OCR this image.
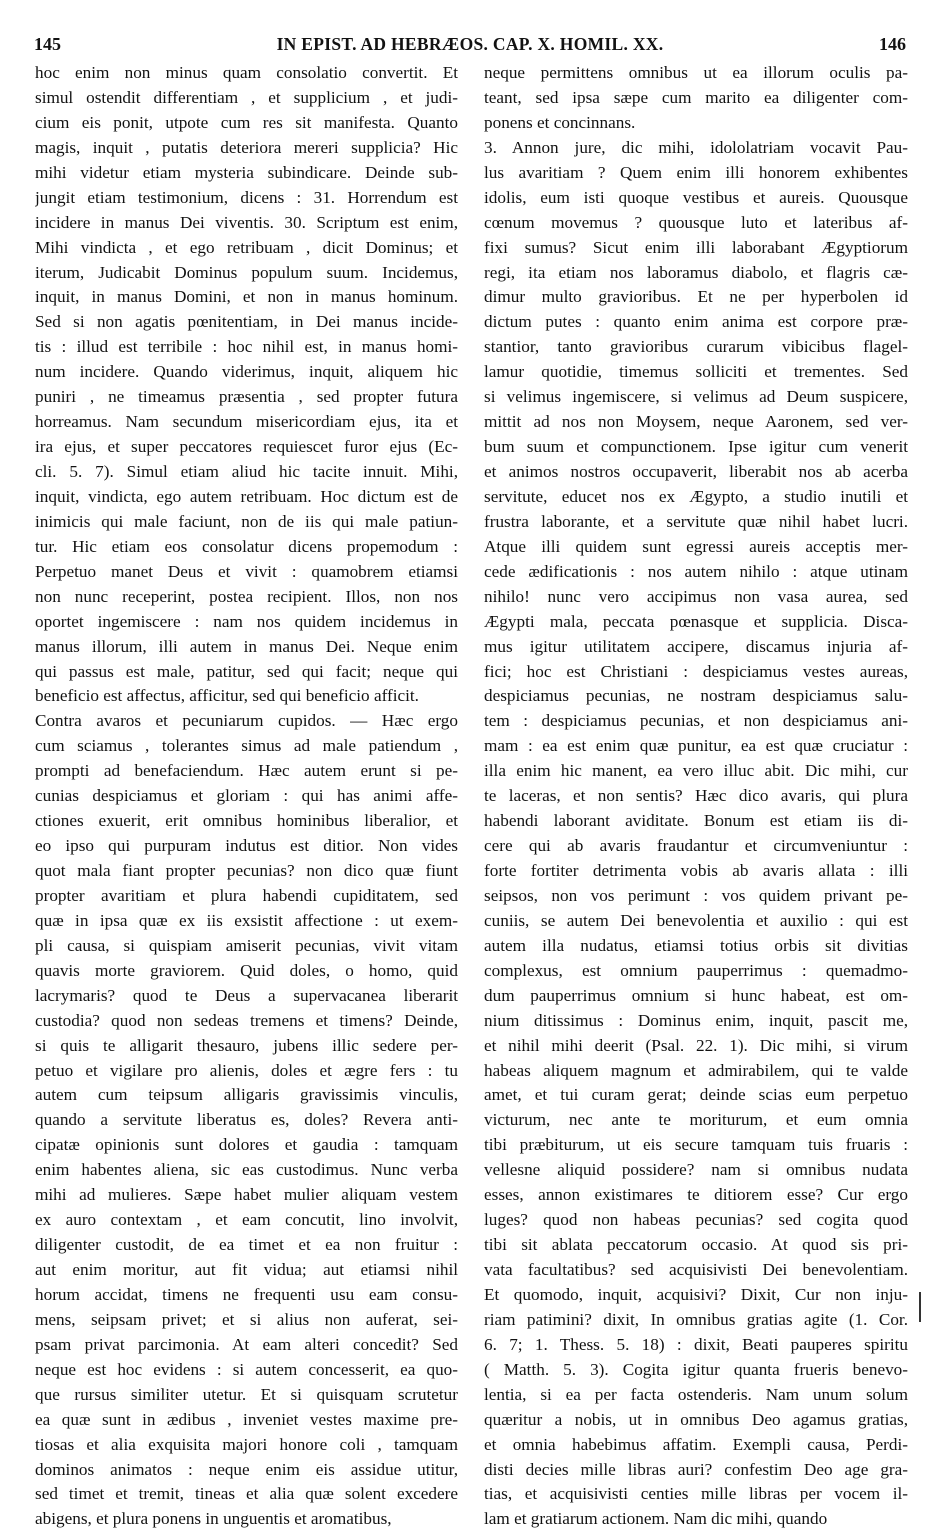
145	IN EPIST. AD HEBRÆOS. CAP. X. HOMIL. XX.	146
hoc enim non minus quam consolatio convertit. Et
simul ostendit differentiam , et supplicium , et judi-
cium eis ponit, utpote cum res sit manifesta. Quanto
magis, inquit , putatis deteriora mereri supplicia? Hic
mihi videtur etiam mysteria subindicare. Deinde sub-
jungit etiam testimonium, dicens : 31. Horrendum est
incidere in manus Dei viventis. 30. Scriptum est enim,
Mihi vindicta , et ego retribuam , dicit Dominus; et
iterum, Judicabit Dominus populum suum. Incidemus,
inquit, in manus Domini, et non in manus hominum.
Sed si non agatis pœnitentiam, in Dei manus incide-
tis : illud est terribile : hoc nihil est, in manus homi-
num incidere. Quando viderimus, inquit, aliquem hic
puniri , ne timeamus præsentia , sed propter futura
horreamus. Nam secundum misericordiam ejus, ita et
ira ejus, et super peccatores requiescet furor ejus (Ec-
cli. 5. 7). Simul etiam aliud hic tacite innuit. Mihi,
inquit, vindicta, ego autem retribuam. Hoc dictum est de
inimicis qui male faciunt, non de iis qui male patiun-
tur. Hic etiam eos consolatur dicens propemodum :
Perpetuo manet Deus et vivit : quamobrem etiamsi
non nunc receperint, postea recipient. Illos, non nos
oportet ingemiscere : nam nos quidem incidemus in
manus illorum, illi autem in manus Dei. Neque enim
qui passus est male, patitur, sed qui facit; neque qui
beneficio est affectus, afficitur, sed qui beneficio afficit.
Contra avaros et pecuniarum cupidos. — Hæc ergo
cum sciamus , tolerantes simus ad male patiendum ,
prompti ad benefaciendum. Hæc autem erunt si pe-
cunias despiciamus et gloriam : qui has animi affe-
ctiones exuerit, erit omnibus hominibus liberalior, et
eo ipso qui purpuram indutus est ditior. Non vides
quot mala fiant propter pecunias? non dico quæ fiunt
propter avaritiam et plura habendi cupiditatem, sed
quæ in ipsa quæ ex iis exsistit affectione : ut exem-
pli causa, si quispiam amiserit pecunias, vivit vitam
quavis morte graviorem. Quid doles, o homo, quid
lacrymaris? quod te Deus a supervacanea liberarit
custodia? quod non sedeas tremens et timens? Deinde,
si quis te alligarit thesauro, jubens illic sedere per-
petuo et vigilare pro alienis, doles et ægre fers : tu
autem cum teipsum alligaris gravissimis vinculis,
quando a servitute liberatus es, doles? Revera anti-
cipatæ opinionis sunt dolores et gaudia : tamquam
enim habentes aliena, sic eas custodimus. Nunc verba
mihi ad mulieres. Sæpe habet mulier aliquam vestem
ex auro contextam , et eam concutit, lino involvit,
diligenter custodit, de ea timet et ea non fruitur :
aut enim moritur, aut fit vidua; aut etiamsi nihil
horum accidat, timens ne frequenti usu eam consu-
mens, seipsam privet; et si alius non auferat, sei-
psam privat parcimonia. At eam alteri concedit? Sed
neque est hoc evidens : si autem concesserit, ea quo-
que rursus similiter utetur. Et si quisquam scrutetur
ea quæ sunt in ædibus , inveniet vestes maxime pre-
tiosas et alia exquisita majori honore coli , tamquam
dominos animatos : neque enim eis assidue utitur,
sed timet et tremit, tineas et alia quæ solent excedere
abigens, et plura ponens in unguentis et aromatibus,
neque permittens omnibus ut ea illorum oculis pa-
teant, sed ipsa sæpe cum marito ea diligenter com-
ponens et concinnans.
3. Annon jure, dic mihi, idololatriam vocavit Pau-
lus avaritiam ? Quem enim illi honorem exhibentes
idolis, eum isti quoque vestibus et aureis. Quousque
cœnum movemus ? quousque luto et lateribus af-
fixi sumus? Sicut enim illi laborabant Ægyptiorum
regi, ita etiam nos laboramus diabolo, et flagris cæ-
dimur multo gravioribus. Et ne per hyperbolen id
dictum putes : quanto enim anima est corpore præ-
stantior, tanto gravioribus curarum vibicibus flagel-
lamur quotidie, timemus solliciti et trementes. Sed
si velimus ingemiscere, si velimus ad Deum suspicere,
mittit ad nos non Moysem, neque Aaronem, sed ver-
bum suum et compunctionem. Ipse igitur cum venerit
et animos nostros occupaverit, liberabit nos ab acerba
servitute, educet nos ex Ægypto, a studio inutili et
frustra laborante, et a servitute quæ nihil habet lucri.
Atque illi quidem sunt egressi aureis acceptis mer-
cede ædificationis : nos autem nihilo : atque utinam
nihilo! nunc vero accipimus non vasa aurea, sed
Ægypti mala, peccata pœnasque et supplicia. Disca-
mus igitur utilitatem accipere, discamus injuria af-
fici; hoc est Christiani : despiciamus vestes aureas,
despiciamus pecunias, ne nostram despiciamus salu-
tem : despiciamus pecunias, et non despiciamus ani-
mam : ea est enim quæ punitur, ea est quæ cruciatur :
illa enim hic manent, ea vero illuc abit. Dic mihi, cur
te laceras, et non sentis? Hæc dico avaris, qui plura
habendi laborant aviditate. Bonum est etiam iis di-
cere qui ab avaris fraudantur et circumveniuntur :
forte fortiter detrimenta vobis ab avaris allata : illi
seipsos, non vos perimunt : vos quidem privant pe-
cuniis, se autem Dei benevolentia et auxilio : qui est
autem illa nudatus, etiamsi totius orbis sit divitias
complexus, est omnium pauperrimus : quemadmo-
dum pauperrimus omnium si hunc habeat, est om-
nium ditissimus : Dominus enim, inquit, pascit me,
et nihil mihi deerit (Psal. 22. 1). Dic mihi, si virum
habeas aliquem magnum et admirabilem, qui te valde
amet, et tui curam gerat; deinde scias eum perpetuo
victurum, nec ante te moriturum, et eum omnia
tibi præbiturum, ut eis secure tamquam tuis fruaris :
vellesne aliquid possidere? nam si omnibus nudata
esses, annon existimares te ditiorem esse? Cur ergo
luges? quod non habeas pecunias? sed cogita quod
tibi sit ablata peccatorum occasio. At quod sis pri-
vata facultatibus? sed acquisivisti Dei benevolentiam.
Et quomodo, inquit, acquisivi? Dixit, Cur non inju-
riam patimini? dixit, In omnibus gratias agite (1. Cor.
6. 7; 1. Thess. 5. 18) : dixit, Beati pauperes spiritu
( Matth. 5. 3). Cogita igitur quanta frueris benevo-
lentia, si ea per facta ostenderis. Nam unum solum
quæritur a nobis, ut in omnibus Deo agamus gratias,
et omnia habebimus affatim. Exempli causa, Perdi-
disti decies mille libras auri? confestim Deo age gra-
tias, et acquisivisti centies mille libras per vocem il-
lam et gratiarum actionem. Nam dic mihi, quando
